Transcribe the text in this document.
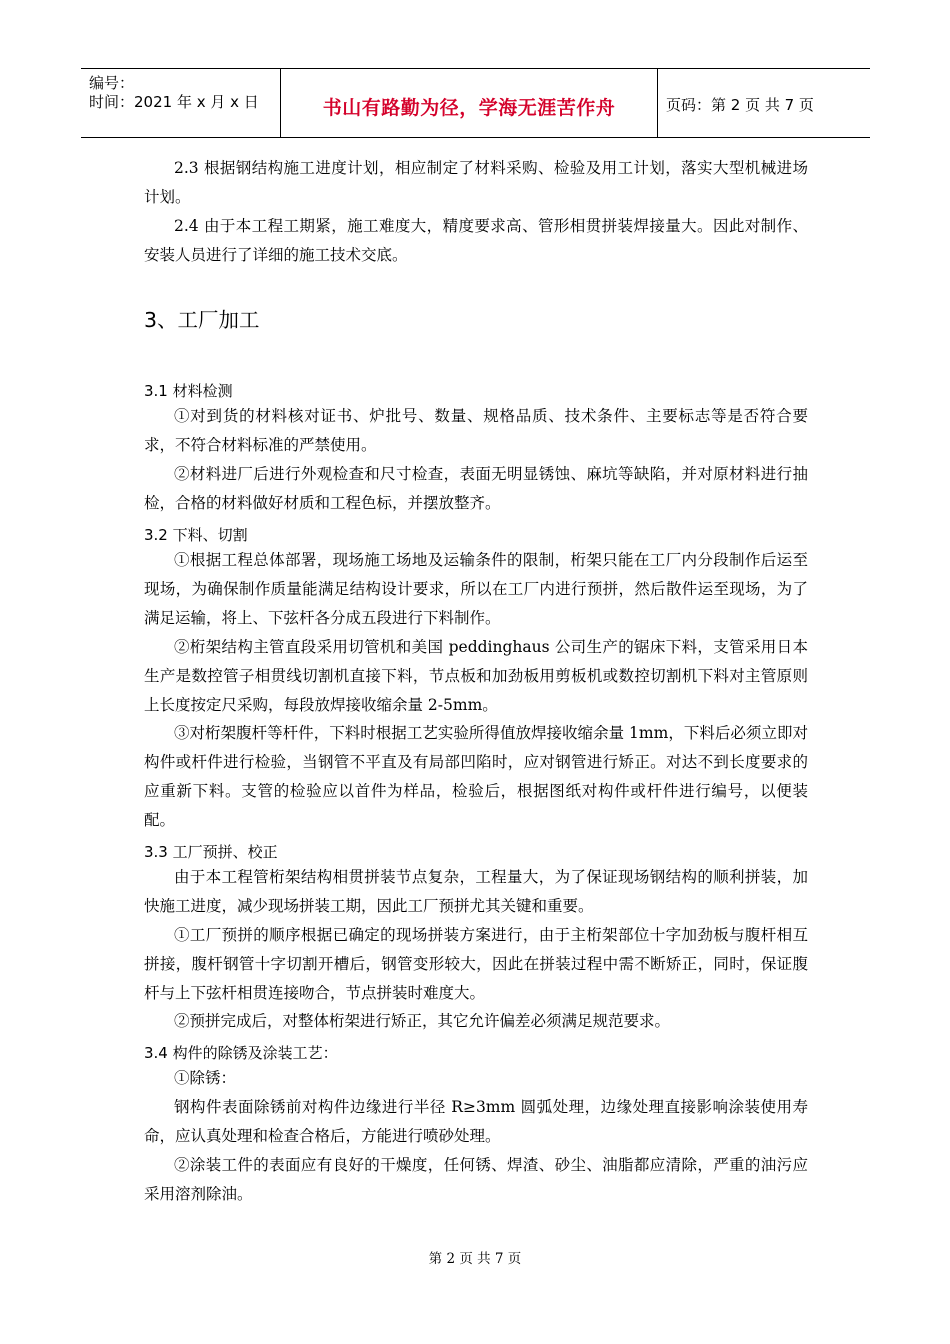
编号：
时间：2021 年 x 月 x 日	书山有路勤为径，学海无涯苦作舟	页码：第 2 页 共 7 页
2.3 根据钢结构施工进度计划，相应制定了材料采购、检验及用工计划，落实大型机械进场计划。
2.4 由于本工程工期紧，施工难度大，精度要求高、管形相贯拼装焊接量大。因此对制作、安装人员进行了详细的施工技术交底。
3、工厂加工
3.1 材料检测
①对到货的材料核对证书、炉批号、数量、规格品质、技术条件、主要标志等是否符合要求，不符合材料标准的严禁使用。
②材料进厂后进行外观检查和尺寸检查，表面无明显锈蚀、麻坑等缺陷，并对原材料进行抽检，合格的材料做好材质和工程色标，并摆放整齐。
3.2 下料、切割
①根据工程总体部署，现场施工场地及运输条件的限制，桁架只能在工厂内分段制作后运至现场，为确保制作质量能满足结构设计要求，所以在工厂内进行预拼，然后散件运至现场，为了满足运输，将上、下弦杆各分成五段进行下料制作。
②桁架结构主管直段采用切管机和美国 peddinghaus 公司生产的锯床下料，支管采用日本生产是数控管子相贯线切割机直接下料，节点板和加劲板用剪板机或数控切割机下料对主管原则上长度按定尺采购，每段放焊接收缩余量 2-5mm。
③对桁架腹杆等杆件，下料时根据工艺实验所得值放焊接收缩余量 1mm，下料后必须立即对构件或杆件进行检验，当钢管不平直及有局部凹陷时，应对钢管进行矫正。对达不到长度要求的应重新下料。支管的检验应以首件为样品，检验后，根据图纸对构件或杆件进行编号，以便装配。
3.3 工厂预拼、校正
由于本工程管桁架结构相贯拼装节点复杂，工程量大，为了保证现场钢结构的顺利拼装，加快施工进度，减少现场拼装工期，因此工厂预拼尤其关键和重要。
①工厂预拼的顺序根据已确定的现场拼装方案进行，由于主桁架部位十字加劲板与腹杆相互拼接，腹杆钢管十字切割开槽后，钢管变形较大，因此在拼装过程中需不断矫正，同时，保证腹杆与上下弦杆相贯连接吻合，节点拼装时难度大。
②预拼完成后，对整体桁架进行矫正，其它允许偏差必须满足规范要求。
3.4 构件的除锈及涂装工艺：
①除锈：
钢构件表面除锈前对构件边缘进行半径 R≥3mm 圆弧处理，边缘处理直接影响涂装使用寿命，应认真处理和检查合格后，方能进行喷砂处理。
②涂装工件的表面应有良好的干燥度，任何锈、焊渣、砂尘、油脂都应清除，严重的油污应采用溶剂除油。
第 2 页 共 7 页
